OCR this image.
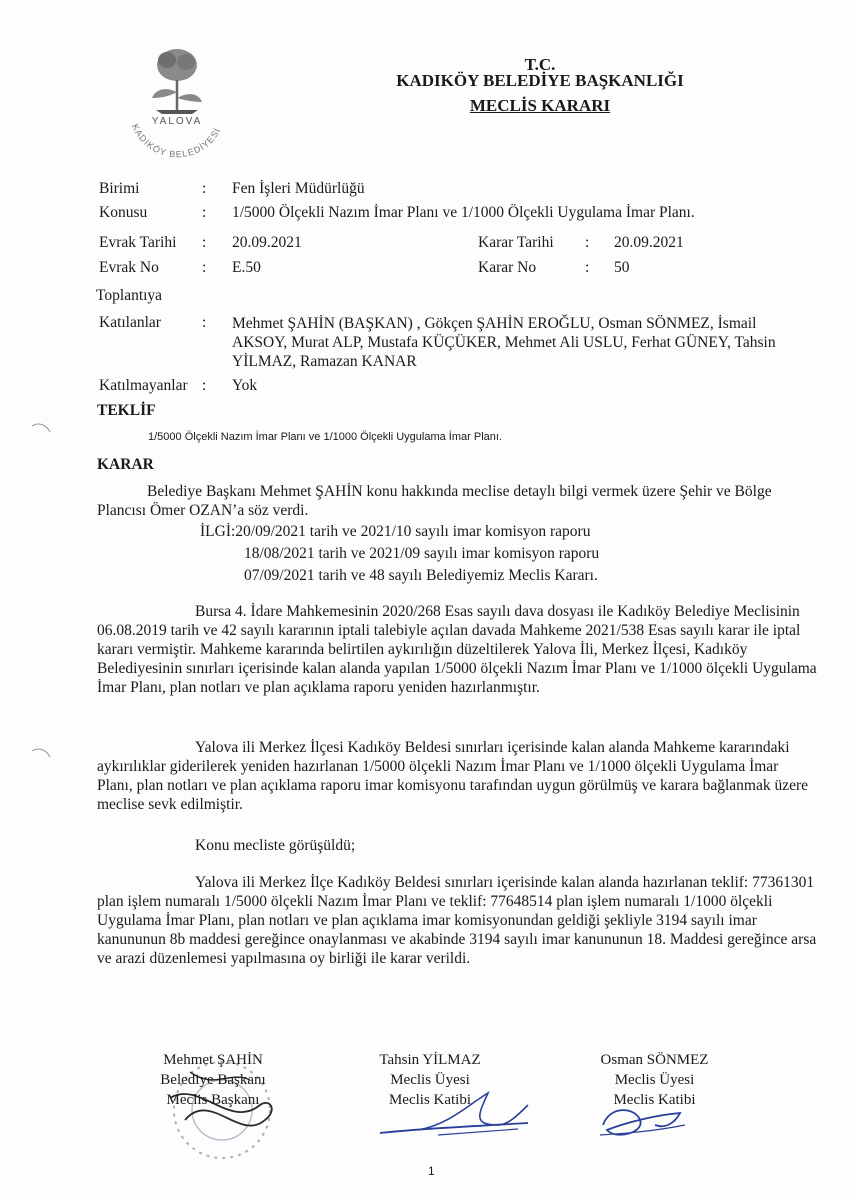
YALOVA
KADIKÖY BELEDİYESİ
T.C.
KADIKÖY BELEDİYE BAŞKANLIĞI
MECLİS KARARI
Birimi	: Fen İşleri Müdürlüğü
Konusu	: 1/5000 Ölçekli Nazım İmar Planı ve 1/1000 Ölçekli Uygulama İmar Planı.
Evrak Tarihi : 20.09.2021	Karar Tarihi : 20.09.2021
Evrak No	: E.50	Karar No	: 50
Toplantıya
Katılanlar	: Mehmet ŞAHİN (BAŞKAN) , Gökçen ŞAHİN EROĞLU, Osman SÖNMEZ, İsmail AKSOY, Murat ALP, Mustafa KÜÇÜKER, Mehmet Ali USLU, Ferhat GÜNEY, Tahsin YİLMAZ, Ramazan KANAR
Katılmayanlar : Yok
TEKLİF
1/5000 Ölçekli Nazım İmar Planı ve 1/1000 Ölçekli Uygulama İmar Planı.
KARAR
Belediye Başkanı Mehmet ŞAHİN konu hakkında meclise detaylı bilgi vermek üzere Şehir ve Bölge Plancısı Ömer OZAN’a söz verdi.
İLGİ:20/09/2021 tarih ve 2021/10 sayılı imar komisyon raporu
18/08/2021 tarih ve 2021/09 sayılı imar komisyon raporu
07/09/2021 tarih ve 48 sayılı Belediyemiz Meclis Kararı.
Bursa 4. İdare Mahkemesinin 2020/268 Esas sayılı dava dosyası ile Kadıköy Belediye Meclisinin 06.08.2019 tarih ve 42 sayılı kararının iptali talebiyle açılan davada Mahkeme 2021/538 Esas sayılı karar ile iptal kararı vermiştir. Mahkeme kararında belirtilen aykırılığın düzeltilerek Yalova İli, Merkez İlçesi, Kadıköy Belediyesinin sınırları içerisinde kalan alanda yapılan 1/5000 ölçekli Nazım İmar Planı ve 1/1000 ölçekli Uygulama İmar Planı, plan notları ve plan açıklama raporu yeniden hazırlanmıştır.
Yalova ili Merkez İlçesi Kadıköy Beldesi sınırları içerisinde kalan alanda Mahkeme kararındaki aykırılıklar giderilerek yeniden hazırlanan 1/5000 ölçekli Nazım İmar Planı ve 1/1000 ölçekli Uygulama İmar Planı, plan notları ve plan açıklama raporu imar komisyonu tarafından uygun görülmüş ve karara bağlanmak üzere meclise sevk edilmiştir.
Konu mecliste görüşüldü;
Yalova ili Merkez İlçe Kadıköy Beldesi sınırları içerisinde kalan alanda hazırlanan teklif: 77361301 plan işlem numaralı 1/5000 ölçekli Nazım İmar Planı ve teklif: 77648514 plan işlem numaralı 1/1000 ölçekli Uygulama İmar Planı, plan notları ve plan açıklama imar komisyonundan geldiği şekliyle 3194 sayılı imar kanununun 8b maddesi gereğince onaylanması ve akabinde 3194 sayılı imar kanununun 18. Maddesi gereğince arsa ve arazi düzenlemesi yapılmasına oy birliği ile karar verildi.
Mehmet ŞAHİN
Belediye Başkanı
Meclis Başkanı
Tahsin YİLMAZ
Meclis Üyesi
Meclis Katibi
Osman SÖNMEZ
Meclis Üyesi
Meclis Katibi
1
